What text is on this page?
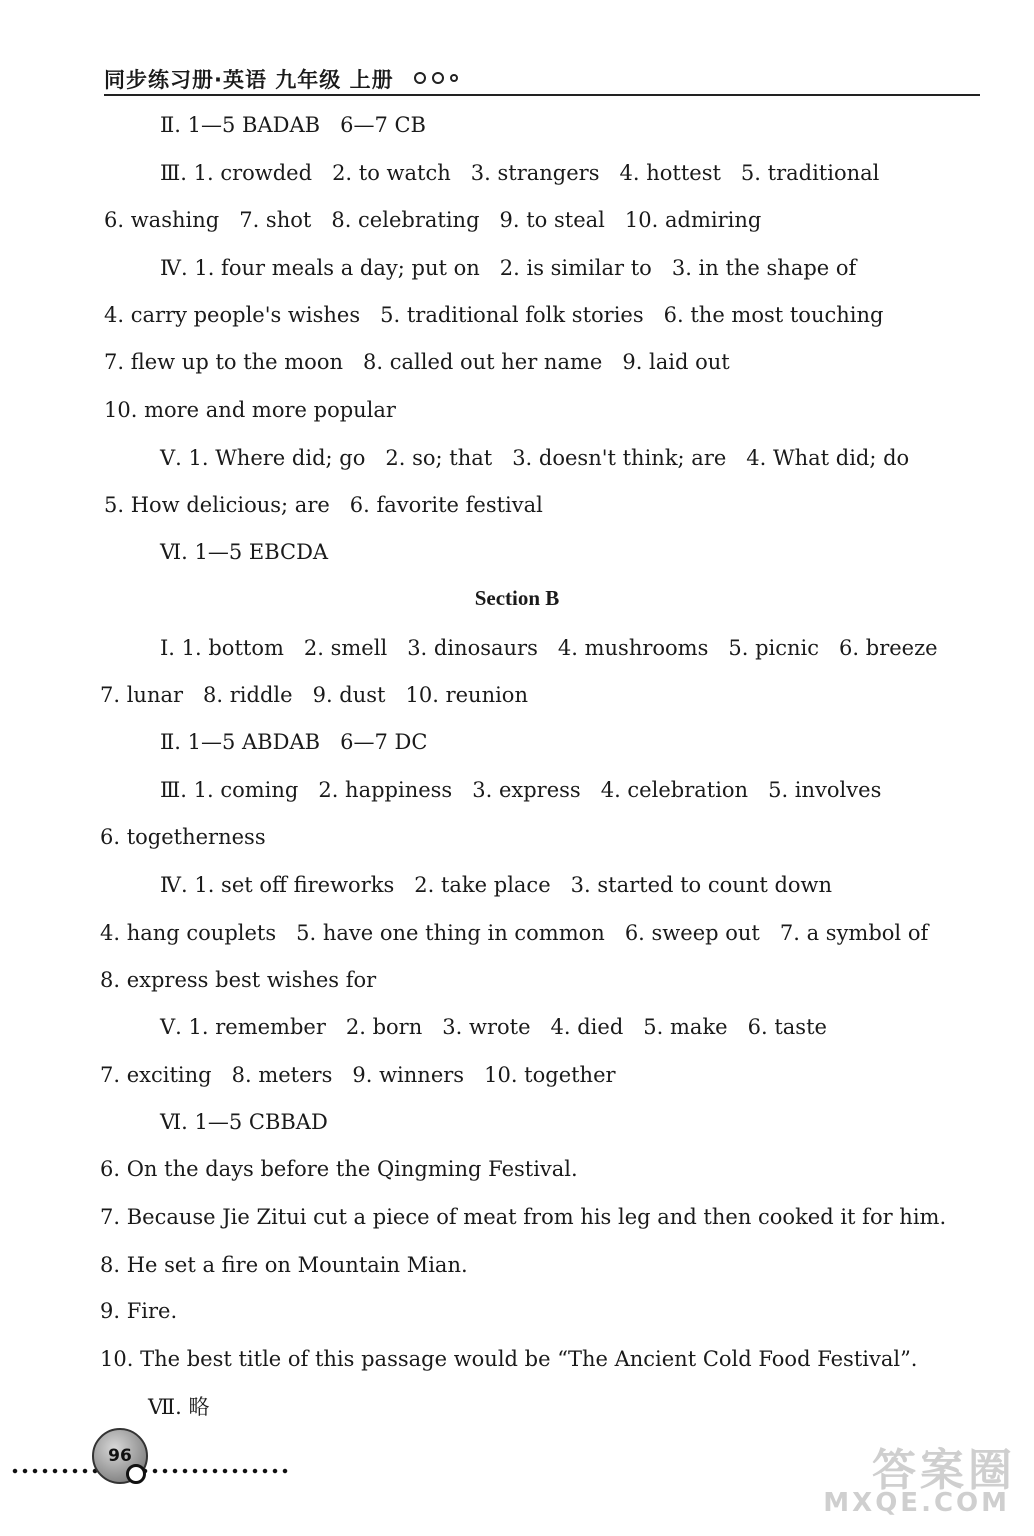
同步练习册·英语 九年级 上册
Ⅱ. 1—5 BADAB   6—7 CB
Ⅲ. 1. crowded   2. to watch   3. strangers   4. hottest   5. traditional
6. washing   7. shot   8. celebrating   9. to steal   10. admiring
Ⅳ. 1. four meals a day; put on   2. is similar to   3. in the shape of
4. carry people's wishes   5. traditional folk stories   6. the most touching
7. flew up to the moon   8. called out her name   9. laid out
10. more and more popular
Ⅴ. 1. Where did; go   2. so; that   3. doesn't think; are   4. What did; do
5. How delicious; are   6. favorite festival
Ⅵ. 1—5 EBCDA
Section B
Ⅰ. 1. bottom   2. smell   3. dinosaurs   4. mushrooms   5. picnic   6. breeze
7. lunar   8. riddle   9. dust   10. reunion
Ⅱ. 1—5 ABDAB   6—7 DC
Ⅲ. 1. coming   2. happiness   3. express   4. celebration   5. involves
6. togetherness
Ⅳ. 1. set off fireworks   2. take place   3. started to count down
4. hang couplets   5. have one thing in common   6. sweep out   7. a symbol of
8. express best wishes for
Ⅴ. 1. remember   2. born   3. wrote   4. died   5. make   6. taste
7. exciting   8. meters   9. winners   10. together
Ⅵ. 1—5 CBBAD
6. On the days before the Qingming Festival.
7. Because Jie Zitui cut a piece of meat from his leg and then cooked it for him.
8. He set a fire on Mountain Mian.
9. Fire.
10. The best title of this passage would be “The Ancient Cold Food Festival”.
Ⅶ. 略
96	答案圈
MXQE.COM
